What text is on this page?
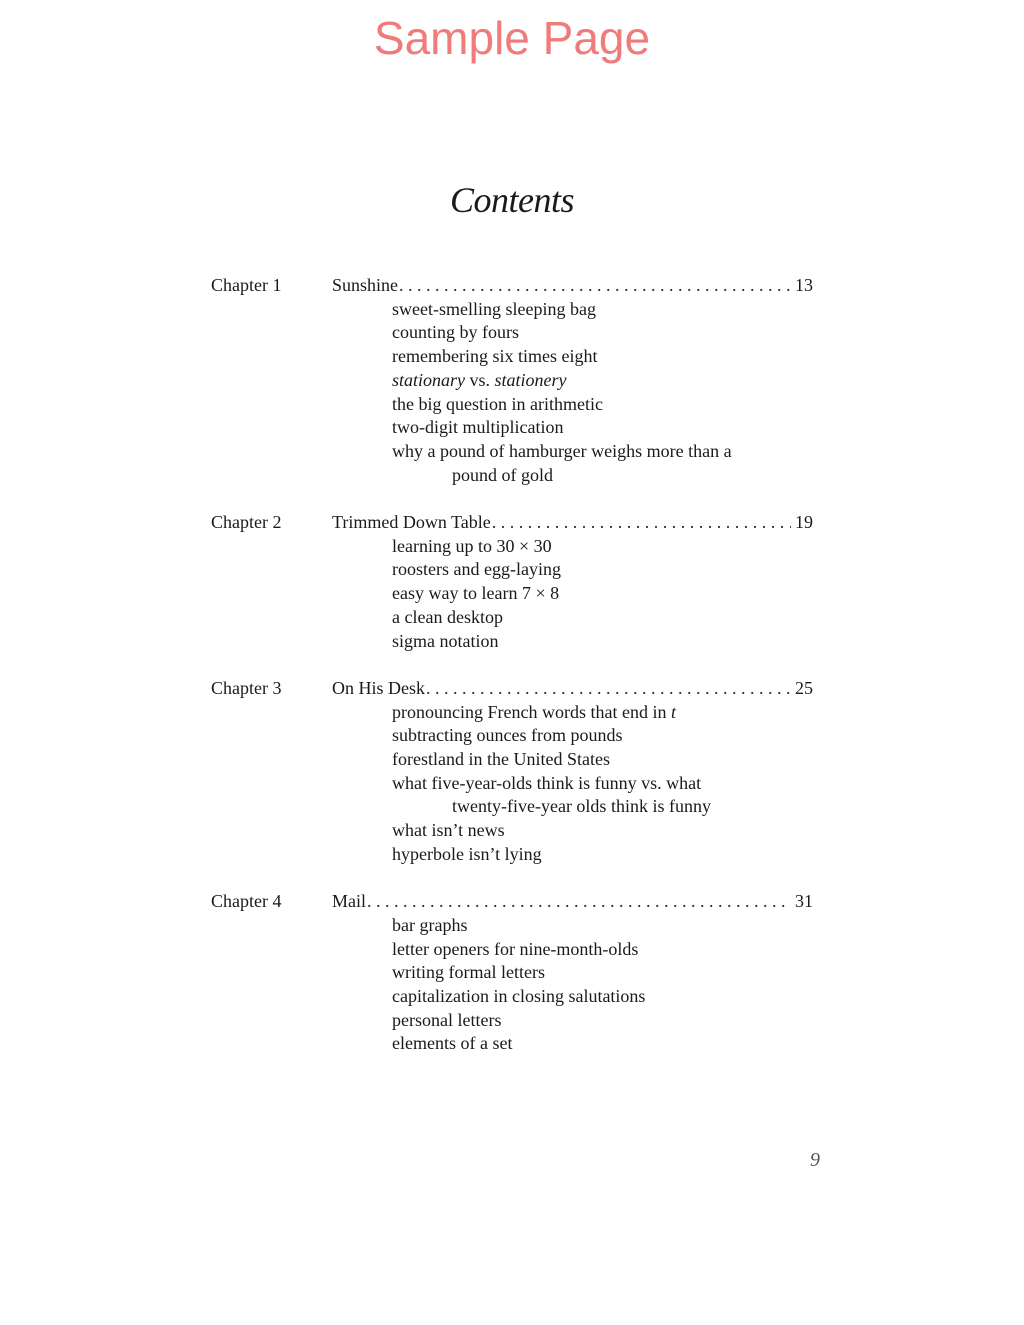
Sample Page
Contents
Chapter 1	Sunshine . . .	13
sweet-smelling sleeping bag
counting by fours
remembering six times eight
stationary vs. stationery
the big question in arithmetic
two-digit multiplication
why a pound of hamburger weighs more than a
pound of gold
Chapter 2	Trimmed Down Table . . .	19
learning up to 30 × 30
roosters and egg-laying
easy way to learn 7 × 8
a clean desktop
sigma notation
Chapter 3	On His Desk . . .	25
pronouncing French words that end in t
subtracting ounces from pounds
forestland in the United States
what five-year-olds think is funny vs. what
twenty-five-year olds think is funny
what isn’t news
hyperbole isn’t lying
Chapter 4	Mail . . .	31
bar graphs
letter openers for nine-month-olds
writing formal letters
capitalization in closing salutations
personal letters
elements of a set
9
